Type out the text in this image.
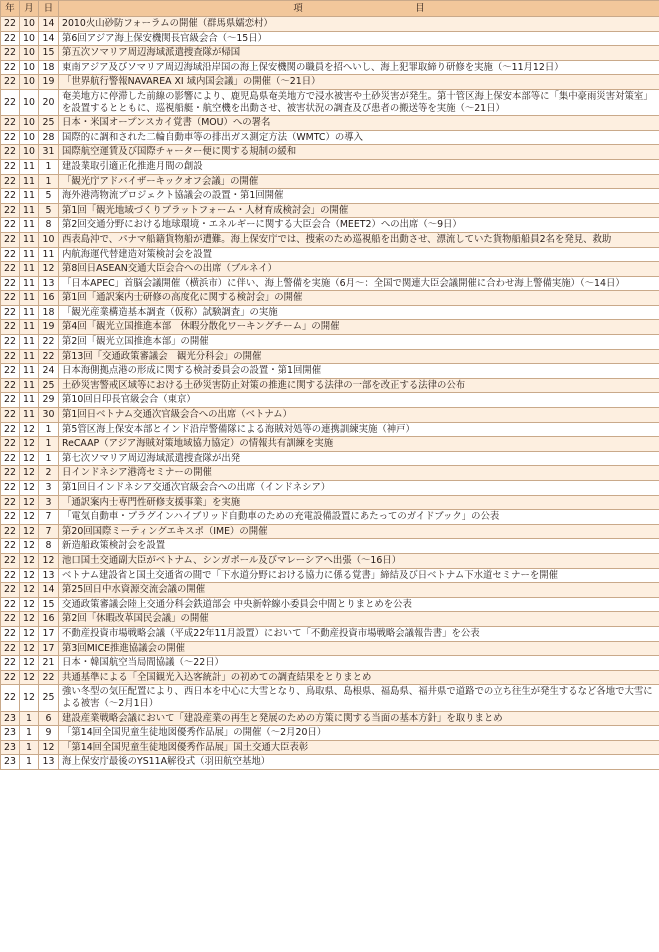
年	月	日	項　　　　　　　　　　　　目
22	10	14	2010火山砂防フォーラムの開催（群馬県嬬恋村）
22	10	14	第6回アジア海上保安機関長官級会合（〜15日）
22	10	15	第五次ソマリア周辺海域派遣捜査隊が帰国
22	10	18	東南アジア及びソマリア周辺海域沿岸国の海上保安機関の職員を招へいし、海上犯罪取締り研修を実施（〜11月12日）
22	10	19	「世界航行警報NAVAREA XI 域内国会議」の開催（〜21日）
22	10	20	奄美地方に停滞した前線の影響により、鹿児島県奄美地方で浸水被害や土砂災害が発生。第十管区海上保安本部等に「集中豪雨災害対策室」を設置するとともに、巡視船艇・航空機を出動させ、被害状況の調査及び患者の搬送等を実施（〜21日）
22	10	25	日本・米国オープンスカイ覚書（MOU）への署名
22	10	28	国際的に調和された二輪自動車等の排出ガス測定方法（WMTC）の導入
22	10	31	国際航空運賃及び国際チャーター便に関する規制の緩和
22	11	1	建設業取引適正化推進月間の創設
22	11	1	「観光庁アドバイザーキックオフ会議」の開催
22	11	5	海外港湾物流プロジェクト協議会の設置・第1回開催
22	11	5	第1回「観光地域づくりプラットフォーム・人材育成検討会」の開催
22	11	8	第2回交通分野における地球環境・エネルギーに関する大臣会合（MEET2）への出席（〜9日）
22	11	10	西表島沖で、パナマ船籍貨物船が遭難。海上保安庁では、捜索のため巡視船を出動させ、漂流していた貨物船船員2名を発見、救助
22	11	11	内航海運代替建造対策検討会を設置
22	11	12	第8回日ASEAN交通大臣会合への出席（ブルネイ）
22	11	13	「日本APEC」首脳会議開催（横浜市）に伴い、海上警備を実施（6月〜：全国で関連大臣会議開催に合わせ海上警備実施）（〜14日）
22	11	16	第1回「通訳案内士研修の高度化に関する検討会」の開催
22	11	18	「観光産業構造基本調査（仮称）試験調査」の実施
22	11	19	第4回「観光立国推進本部　休暇分散化ワーキングチーム」の開催
22	11	22	第2回「観光立国推進本部」の開催
22	11	22	第13回「交通政策審議会　観光分科会」の開催
22	11	24	日本海側拠点港の形成に関する検討委員会の設置・第1回開催
22	11	25	土砂災害警戒区域等における土砂災害防止対策の推進に関する法律の一部を改正する法律の公布
22	11	29	第10回日印長官級会合（東京）
22	11	30	第1回日ベトナム交通次官級会合への出席（ベトナム）
22	12	1	第5管区海上保安本部とインド沿岸警備隊による海賊対処等の連携訓練実施（神戸）
22	12	1	ReCAAP（アジア海賊対策地域協力協定）の情報共有訓練を実施
22	12	1	第七次ソマリア周辺海域派遣捜査隊が出発
22	12	2	日インドネシア港湾セミナーの開催
22	12	3	第1回日インドネシア交通次官級会合への出席（インドネシア）
22	12	3	「通訳案内士専門性研修支援事業」を実施
22	12	7	「電気自動車・プラグインハイブリッド自動車のための充電設備設置にあたってのガイドブック」の公表
22	12	7	第20回国際ミーティングエキスポ（IME）の開催
22	12	8	新造船政策検討会を設置
22	12	12	池口国土交通副大臣がベトナム、シンガポール及びマレーシアへ出張（〜16日）
22	12	13	ベトナム建設省と国土交通省の間で「下水道分野における協力に係る覚書」締結及び日ベトナム下水道セミナーを開催
22	12	14	第25回日中水資源交流会議の開催
22	12	15	交通政策審議会陸上交通分科会鉄道部会 中央新幹線小委員会中間とりまとめを公表
22	12	16	第2回「休暇改革国民会議」の開催
22	12	17	不動産投資市場戦略会議（平成22年11月設置）において「不動産投資市場戦略会議報告書」を公表
22	12	17	第3回MICE推進協議会の開催
22	12	21	日本・韓国航空当局間協議（〜22日）
22	12	22	共通基準による「全国観光入込客統計」の初めての調査結果をとりまとめ
22	12	25	強い冬型の気圧配置により、西日本を中心に大雪となり、鳥取県、島根県、福島県、福井県で道路での立ち往生が発生するなど各地で大雪による被害（〜2月1日）
23	1	6	建設産業戦略会議において「建設産業の再生と発展のための方策に関する当面の基本方針」を取りまとめ
23	1	9	「第14回全国児童生徒地図優秀作品展」の開催（〜2月20日）
23	1	12	「第14回全国児童生徒地図優秀作品展」国土交通大臣表彰
23	1	13	海上保安庁最後のYS11A解役式（羽田航空基地）
